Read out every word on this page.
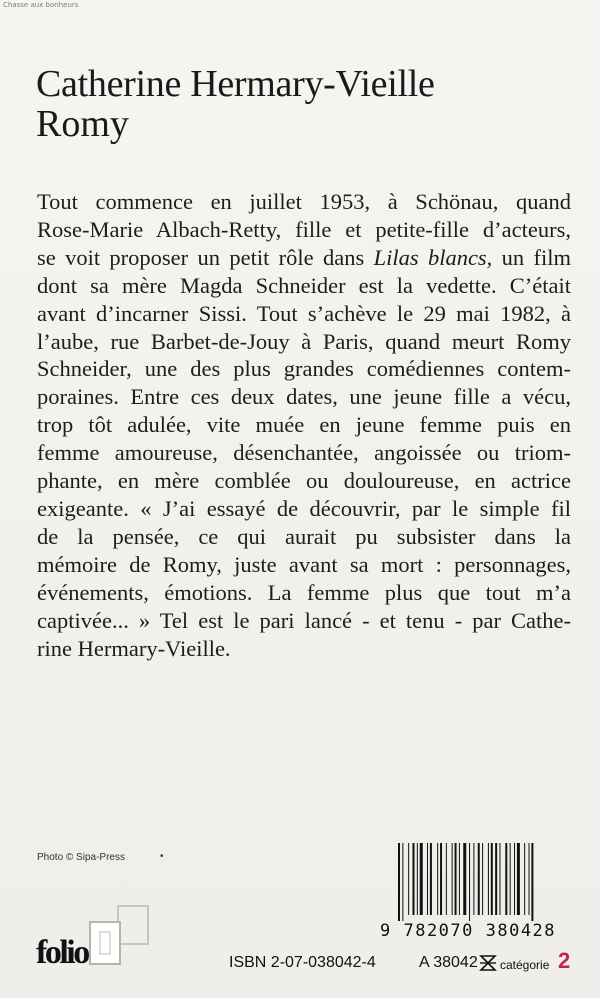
Chasse aux bonheurs
Catherine Hermary-Vieille
Romy
Tout commence en juillet 1953, à Schönau, quand
Rose-Marie Albach-Retty, fille et petite-fille d’acteurs,
se voit proposer un petit rôle dans Lilas blancs, un film
dont sa mère Magda Schneider est la vedette. C’était
avant d’incarner Sissi. Tout s’achève le 29 mai 1982, à
l’aube, rue Barbet-de-Jouy à Paris, quand meurt Romy
Schneider, une des plus grandes comédiennes contem-
poraines. Entre ces deux dates, une jeune fille a vécu,
trop tôt adulée, vite muée en jeune femme puis en
femme amoureuse, désenchantée, angoissée ou triom-
phante, en mère comblée ou douloureuse, en actrice
exigeante. « J’ai essayé de découvrir, par le simple fil
de la pensée, ce qui aurait pu subsister dans la
mémoire de Romy, juste avant sa mort : personnages,
événements, émotions. La femme plus que tout m’a
captivée... » Tel est le pari lancé - et tenu - par Cathe-
rine Hermary-Vieille.
Photo © Sipa-Press	•
folio
9 782070 380428
ISBN 2-07-038042-4	A 38042 catégorie 2
